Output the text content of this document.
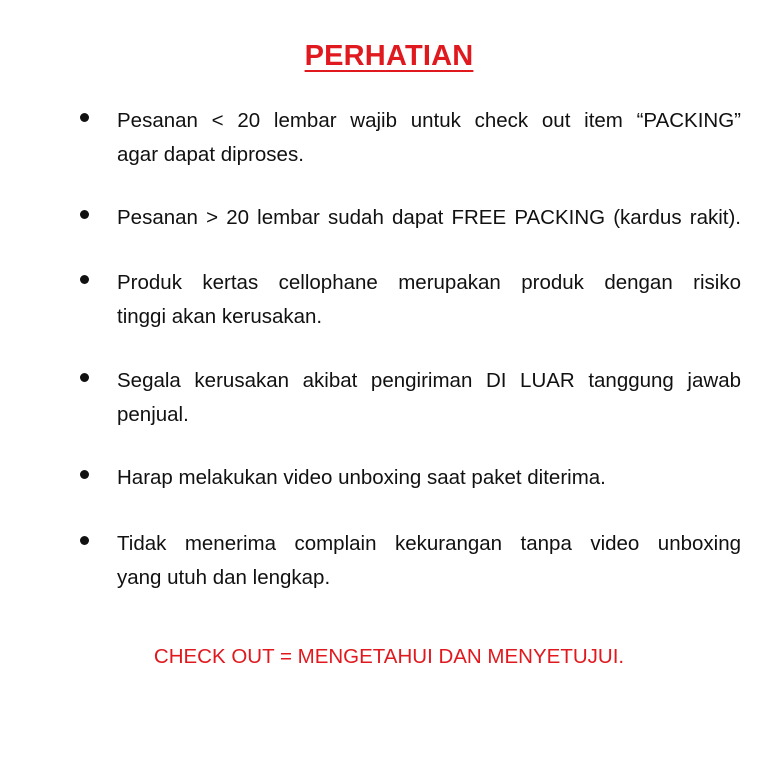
PERHATIAN
Pesanan < 20 lembar wajib untuk check out item “PACKING”
agar dapat diproses.
Pesanan > 20 lembar sudah dapat FREE PACKING (kardus rakit).
Produk kertas cellophane merupakan produk dengan risiko
tinggi akan kerusakan.
Segala kerusakan akibat pengiriman DI LUAR tanggung jawab
penjual.
Harap melakukan video unboxing saat paket diterima.
Tidak menerima complain kekurangan tanpa video unboxing
yang utuh dan lengkap.
CHECK OUT = MENGETAHUI DAN MENYETUJUI.
